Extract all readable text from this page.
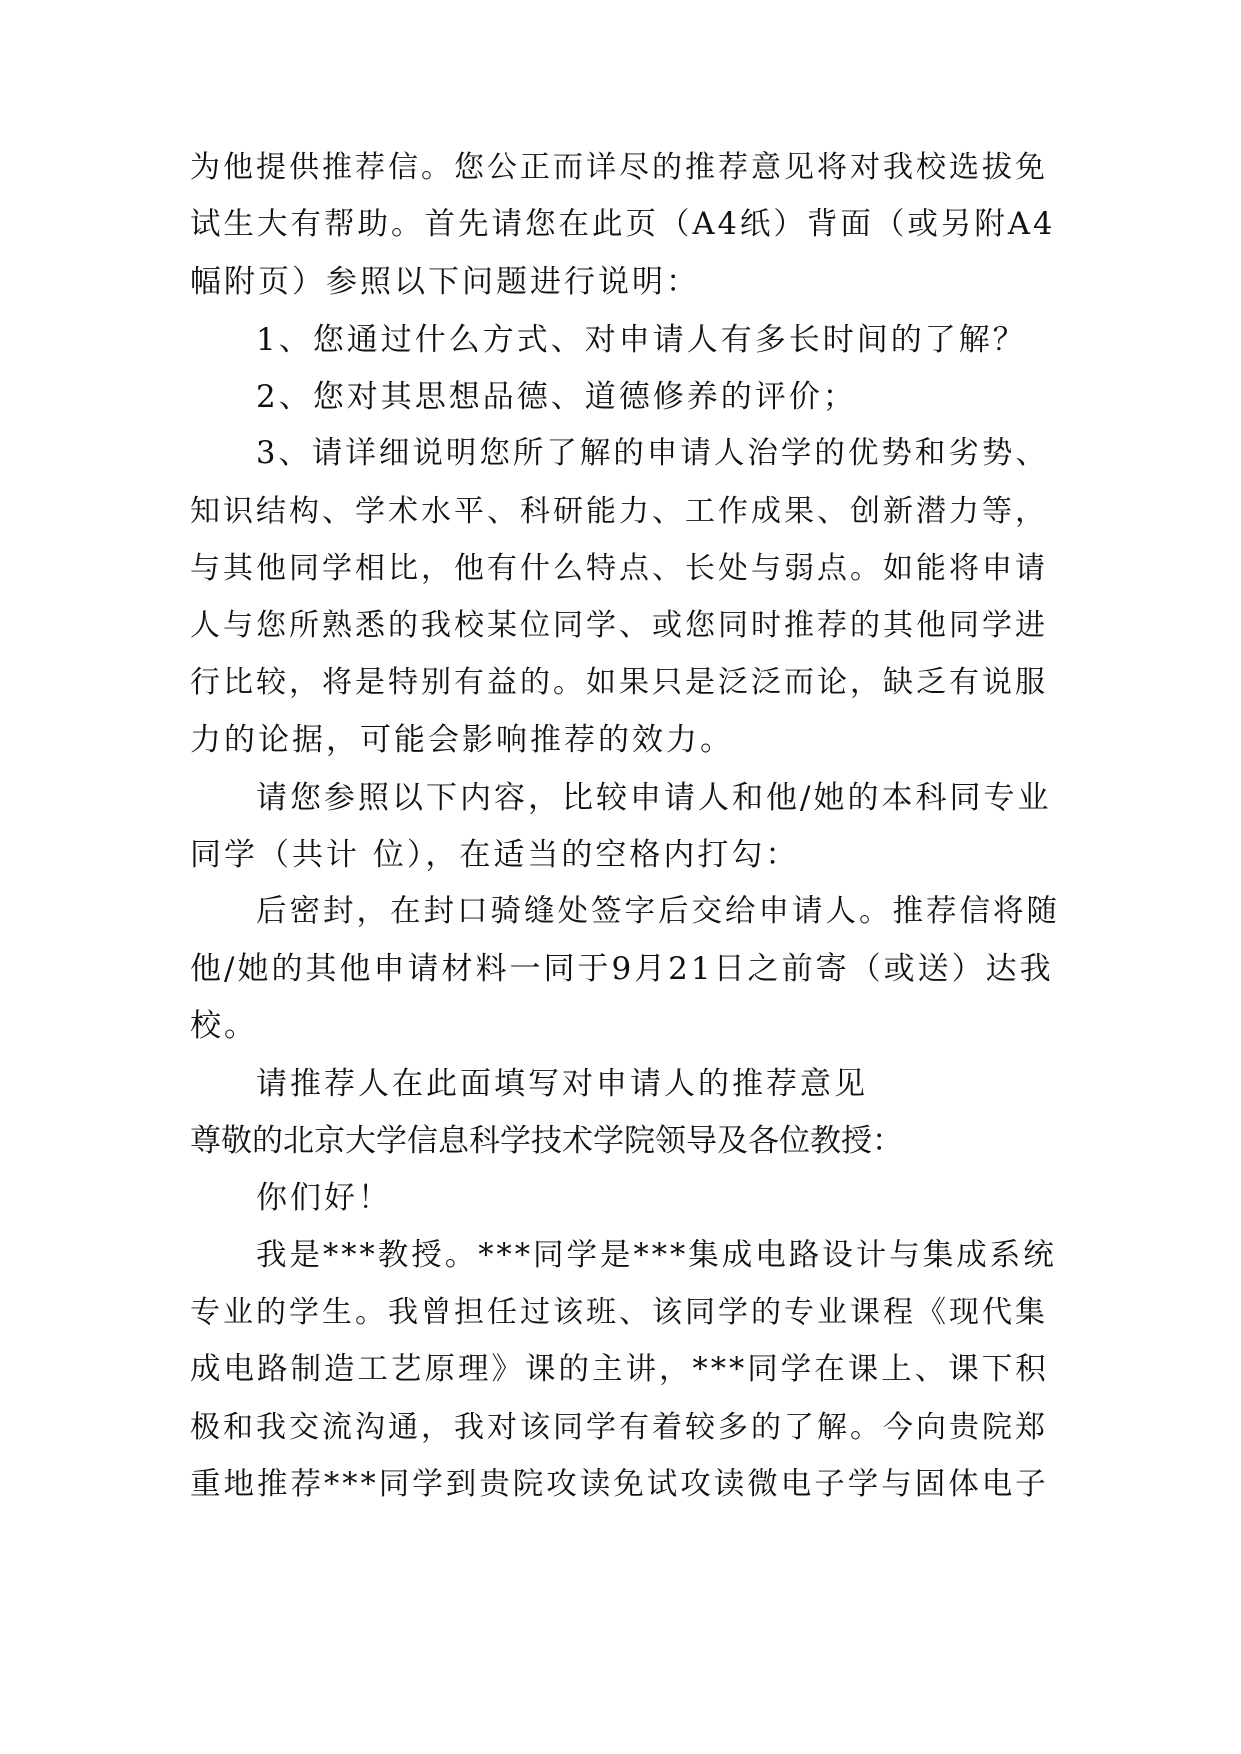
为他提供推荐信。您公正而详尽的推荐意见将对我校选拔免
试生大有帮助。首先请您在此页（A4纸）背面（或另附A4
幅附页）参照以下问题进行说明：
1、您通过什么方式、对申请人有多长时间的了解？
2、您对其思想品德、道德修养的评价；
3、请详细说明您所了解的申请人治学的优势和劣势、
知识结构、学术水平、科研能力、工作成果、创新潜力等，
与其他同学相比，他有什么特点、长处与弱点。如能将申请
人与您所熟悉的我校某位同学、或您同时推荐的其他同学进
行比较，将是特别有益的。如果只是泛泛而论，缺乏有说服
力的论据，可能会影响推荐的效力。
请您参照以下内容，比较申请人和他/她的本科同专业
同学（共计 位），在适当的空格内打勾：
后密封，在封口骑缝处签字后交给申请人。推荐信将随
他/她的其他申请材料一同于9月21日之前寄（或送）达我
校。
请推荐人在此面填写对申请人的推荐意见
尊敬的北京大学信息科学技术学院领导及各位教授：
你们好！
我是***教授。***同学是***集成电路设计与集成系统
专业的学生。我曾担任过该班、该同学的专业课程《现代集
成电路制造工艺原理》课的主讲，***同学在课上、课下积
极和我交流沟通，我对该同学有着较多的了解。今向贵院郑
重地推荐***同学到贵院攻读免试攻读微电子学与固体电子
